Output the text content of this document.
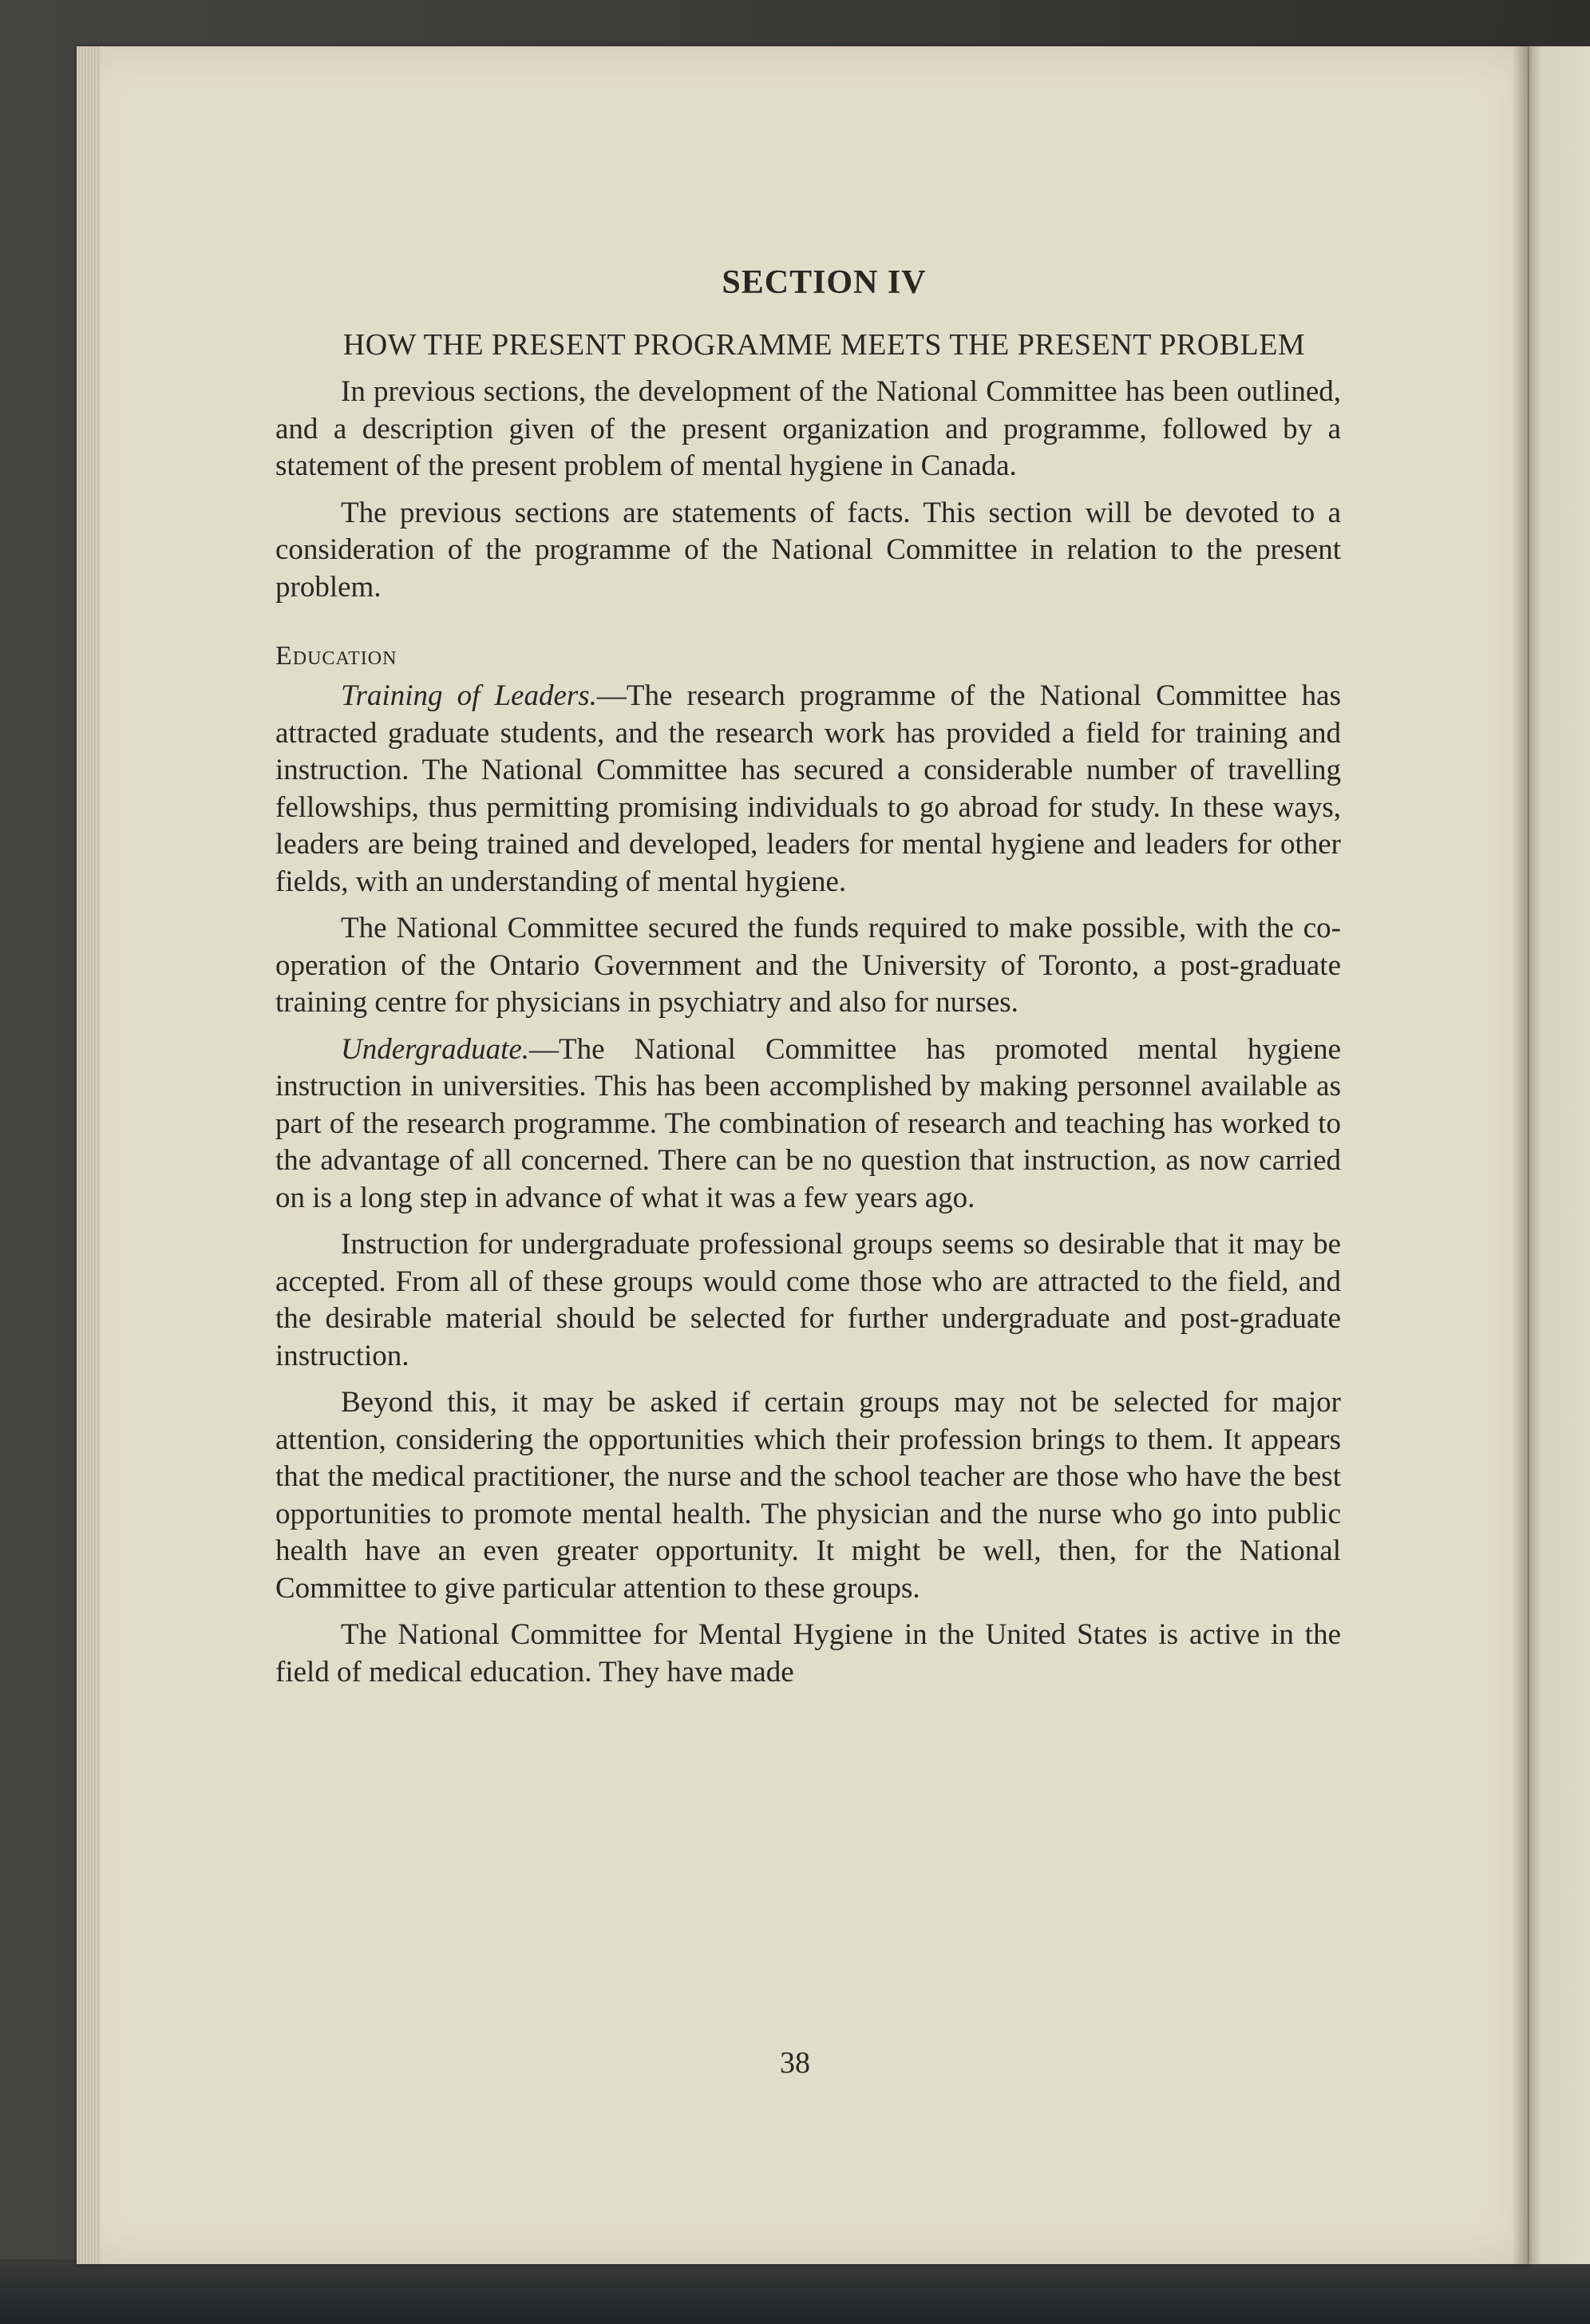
SECTION IV
HOW THE PRESENT PROGRAMME MEETS THE PRESENT PROBLEM

In previous sections, the development of the National Committee has been outlined, and a description given of the present organization and programme, followed by a statement of the present problem of mental hygiene in Canada.

The previous sections are statements of facts. This section will be devoted to a consideration of the programme of the National Committee in relation to the present problem.

Education

Training of Leaders.—The research programme of the National Committee has attracted graduate students, and the research work has provided a field for training and instruction. The National Committee has secured a considerable number of travelling fellowships, thus permitting promising individuals to go abroad for study. In these ways, leaders are being trained and developed, leaders for mental hygiene and leaders for other fields, with an understanding of mental hygiene.

The National Committee secured the funds required to make possible, with the co-operation of the Ontario Government and the University of Toronto, a post-graduate training centre for physicians in psychiatry and also for nurses.

Undergraduate.—The National Committee has promoted mental hygiene instruction in universities. This has been accomplished by making personnel available as part of the research programme. The combination of research and teaching has worked to the advantage of all concerned. There can be no question that instruction, as now carried on is a long step in advance of what it was a few years ago.

Instruction for undergraduate professional groups seems so desirable that it may be accepted. From all of these groups would come those who are attracted to the field, and the desirable material should be selected for further undergraduate and post-graduate instruction.

Beyond this, it may be asked if certain groups may not be selected for major attention, considering the opportunities which their profession brings to them. It appears that the medical practitioner, the nurse and the school teacher are those who have the best opportunities to promote mental health. The physician and the nurse who go into public health have an even greater opportunity. It might be well, then, for the National Committee to give particular attention to these groups.

The National Committee for Mental Hygiene in the United States is active in the field of medical education. They have made

38
